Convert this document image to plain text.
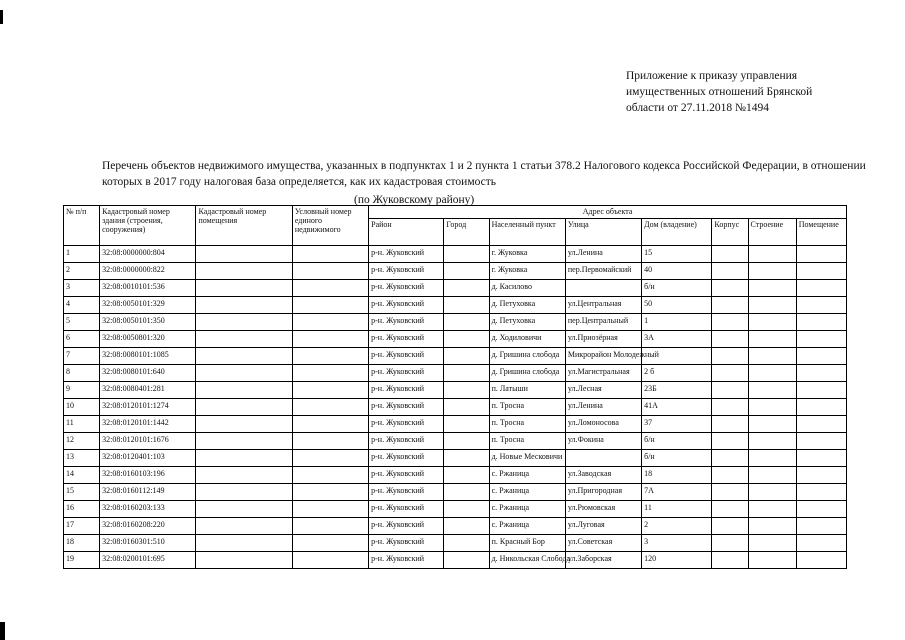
Приложение к приказу управления
имущественных отношений Брянской
области от 27.11.2018 №1494
Перечень объектов недвижимого имущества, указанных в подпунктах 1 и 2 пункта 1 статьи 378.2 Налогового кодекса Российской Федерации, в отношении которых в 2017 году налоговая база определяется, как их кадастровая стоимость
(по Жуковскому району)
№ п/п	Кадастровый номер здания (строения, сооружения)	Кадастровый номер помещения	Условный номер единого недвижимого	Адрес объекта							
				Район	Город	Населенный пункт	Улица	Дом (владение)	Корпус	Строение	Помещение
1	32:08:0000000:804			р-н. Жуковский		г. Жуковка	ул.Ленина	15			
2	32:08:0000000:822			р-н. Жуковский		г. Жуковка	пер.Первомайский	40			
3	32:08:0010101:536			р-н. Жуковский		д. Касилово		б/н			
4	32:08:0050101:329			р-н. Жуковский		д. Петуховка	ул.Центральная	50			
5	32:08:0050101:350			р-н. Жуковский		д. Петуховка	пер.Центральный	1			
6	32:08:0050801:320			р-н. Жуковский		д. Ходиловичи	ул.Приозёрная	3А			
7	32:08:0080101:1085			р-н. Жуковский		д. Гришина слобода	Микрорайон Молодежный				
8	32:08:0080101:640			р-н. Жуковский		д. Гришина слобода	ул.Магистральная	2 б			
9	32:08:0080401:281			р-н. Жуковский		п. Латыши	ул.Лесная	23Б			
10	32:08:0120101:1274			р-н. Жуковский		п. Тросна	ул.Ленина	41А			
11	32:08:0120101:1442			р-н. Жуковский		п. Тросна	ул.Ломоносова	37			
12	32:08:0120101:1676			р-н. Жуковский		п. Тросна	ул.Фокина	б/н			
13	32:08:0120401:103			р-н. Жуковский		д. Новые Месковичи		б/н			
14	32:08:0160103:196			р-н. Жуковский		с. Ржаница	ул.Заводская	18			
15	32:08:0160112:149			р-н. Жуковский		с. Ржаница	ул.Пригородная	7А			
16	32:08:0160203:133			р-н. Жуковский		с. Ржаница	ул.Рюмовская	11			
17	32:08:0160208:220			р-н. Жуковский		с. Ржаница	ул.Луговая	2			
18	32:08:0160301:510			р-н. Жуковский		п. Красный Бор	ул.Советская	3			
19	32:08:0200101:695			р-н. Жуковский		д. Никольская Слобода	ул.Заборская	120			
